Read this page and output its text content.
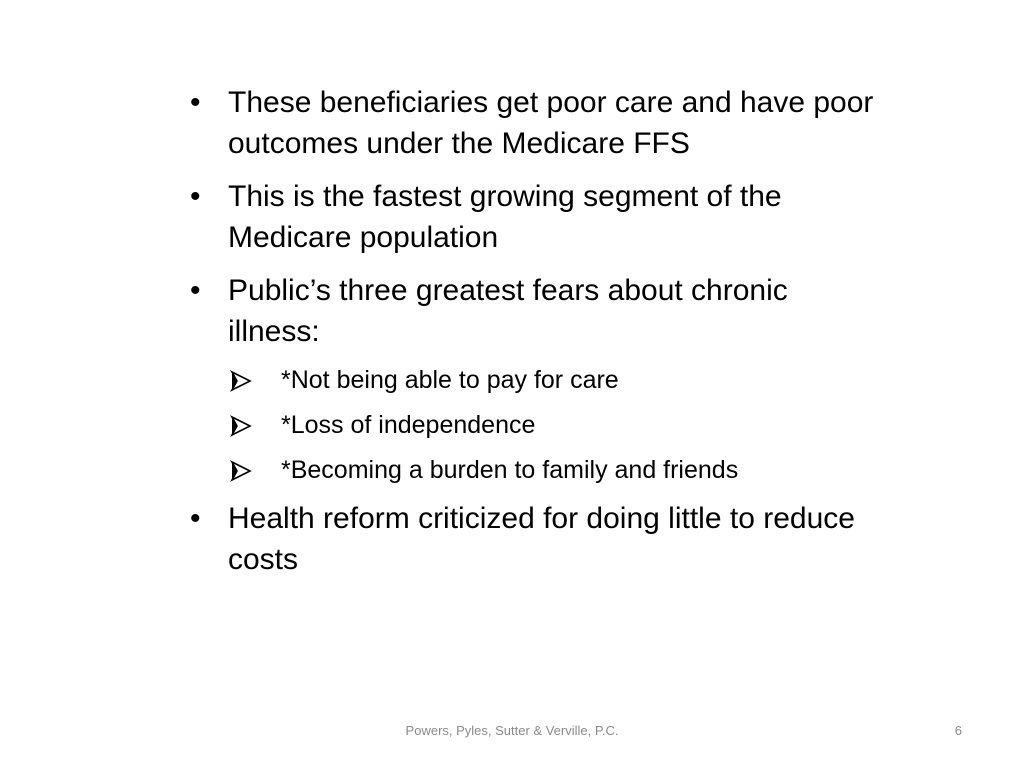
• These beneficiaries get poor care and have poor outcomes under the Medicare FFS
• This is the fastest growing segment of the Medicare population
• Public’s three greatest fears about chronic illness:
*Not being able to pay for care
*Loss of independence
*Becoming a burden to family and friends
• Health reform criticized for doing little to reduce costs
Powers, Pyles, Sutter & Verville, P.C.	6
